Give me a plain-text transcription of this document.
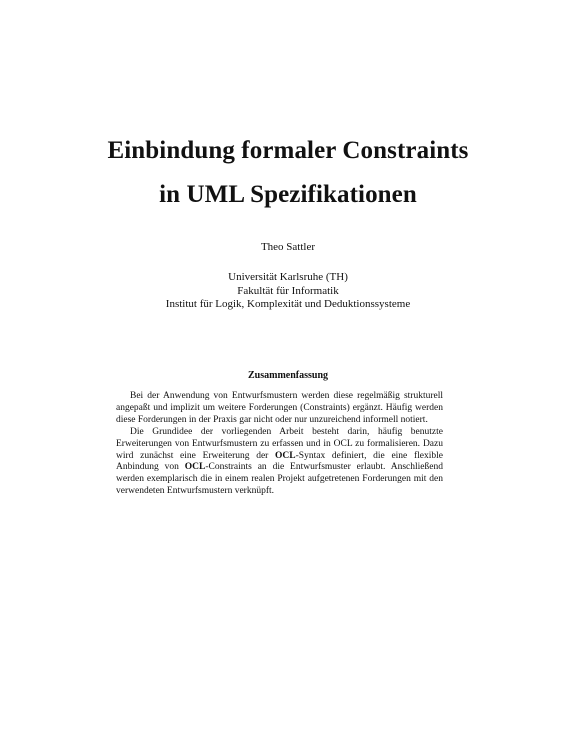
Einbindung formaler Constraints
in UML Spezifikationen
Theo Sattler
Universität Karlsruhe (TH)
Fakultät für Informatik
Institut für Logik, Komplexität und Deduktionssysteme
Zusammenfassung

Bei der Anwendung von Entwurfsmustern werden diese regelmäßig strukturell angepaßt und implizit um weitere Forderungen (Constraints) ergänzt. Häufig werden diese Forderungen in der Praxis gar nicht oder nur unzureichend informell notiert.

Die Grundidee der vorliegenden Arbeit besteht darin, häufig benutzte Erweiterungen von Entwurfsmustern zu erfassen und in OCL zu formalisieren. Dazu wird zunächst eine Erweiterung der OCL-Syntax definiert, die eine flexible Anbindung von OCL-Constraints an die Entwurfsmuster erlaubt. Anschließend werden exemplarisch die in einem realen Projekt aufgetretenen Forderungen mit den verwendeten Entwurfsmustern verknüpft.
